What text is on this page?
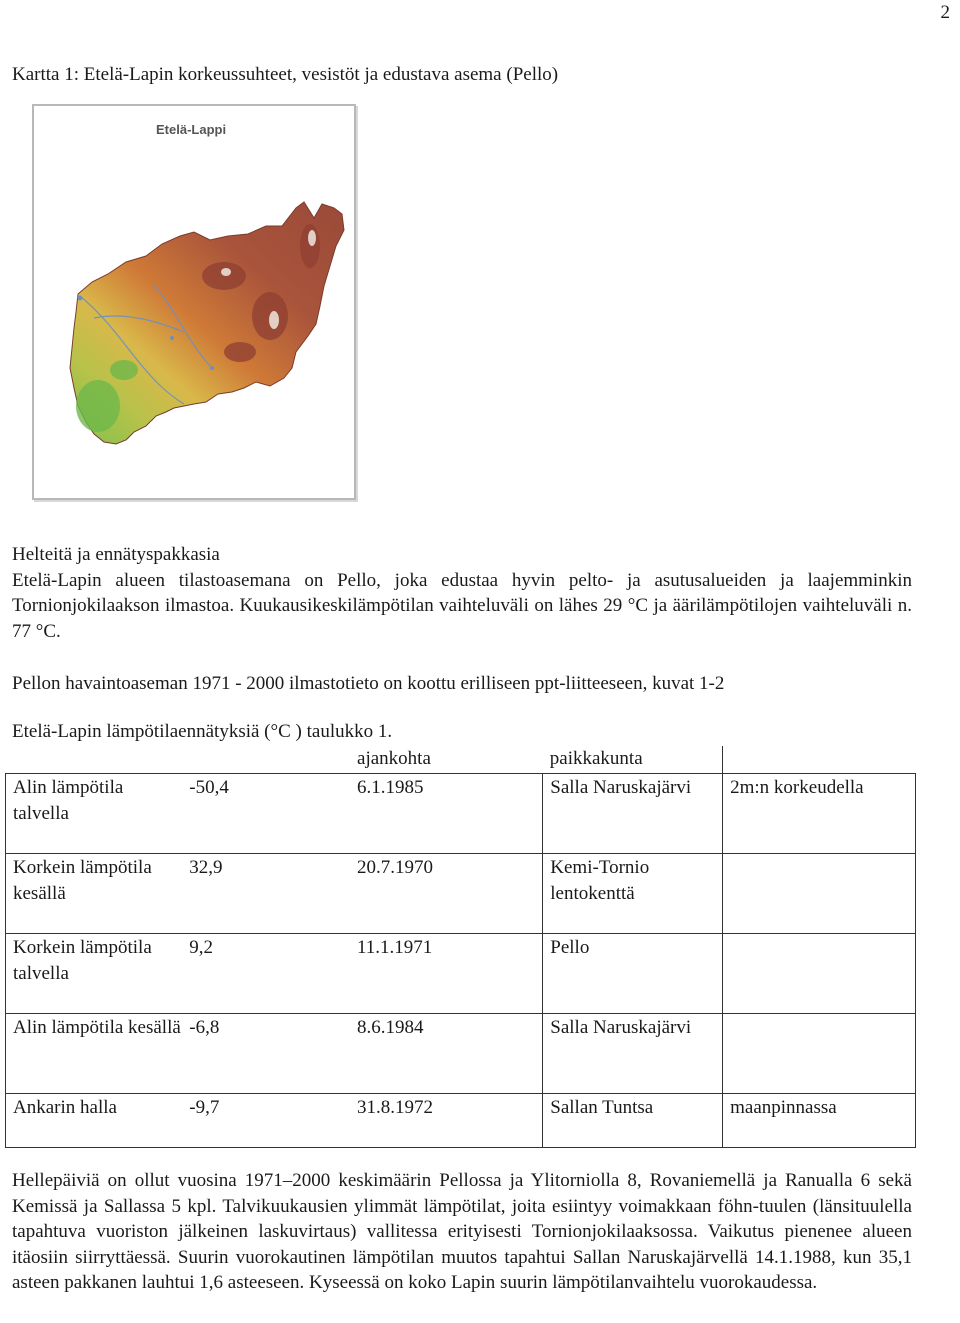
2
Kartta 1: Etelä-Lapin korkeussuhteet, vesistöt ja edustava asema (Pello)
Etelä-Lappi
Helteitä ja ennätyspakkasia
Etelä-Lapin alueen tilastoasemana on Pello, joka edustaa hyvin pelto- ja asutusalueiden ja laajemminkin Tornionjokilaakson ilmastoa. Kuukausikeskilämpötilan vaihteluväli on lähes 29 °C ja äärilämpötilojen vaihteluväli n. 77 °C.
Pellon havaintoaseman 1971 - 2000 ilmastotieto on koottu erilliseen ppt-liitteeseen, kuvat 1-2
Etelä-Lapin lämpötilaennätyksiä (°C ) taulukko 1.
		ajankohta	paikkakunta	
Alin lämpötila talvella	-50,4	6.1.1985	Salla Naruskajärvi	2m:n korkeudella
Korkein lämpötila kesällä	32,9	20.7.1970	Kemi-Tornio lentokenttä	
Korkein lämpötila talvella	9,2	11.1.1971	Pello	
Alin lämpötila kesällä	-6,8	8.6.1984	Salla Naruskajärvi	
Ankarin halla	-9,7	31.8.1972	Sallan Tuntsa	maanpinnassa
Hellepäiviä on ollut vuosina 1971–2000 keskimäärin Pellossa ja Ylitorniolla 8, Rovaniemellä ja Ranualla 6 sekä Kemissä ja Sallassa 5 kpl. Talvikuukausien ylimmät lämpötilat, joita esiintyy voimakkaan föhn-tuulen (länsituulella tapahtuva vuoriston jälkeinen laskuvirtaus) vallitessa erityisesti Tornionjokilaaksossa. Vaikutus pienenee alueen itäosiin siirryttäessä. Suurin vuorokautinen lämpötilan muutos tapahtui Sallan Naruskajärvellä 14.1.1988, kun 35,1 asteen pakkanen lauhtui 1,6 asteeseen. Kyseessä on koko Lapin suurin lämpötilanvaihtelu vuorokaudessa.
